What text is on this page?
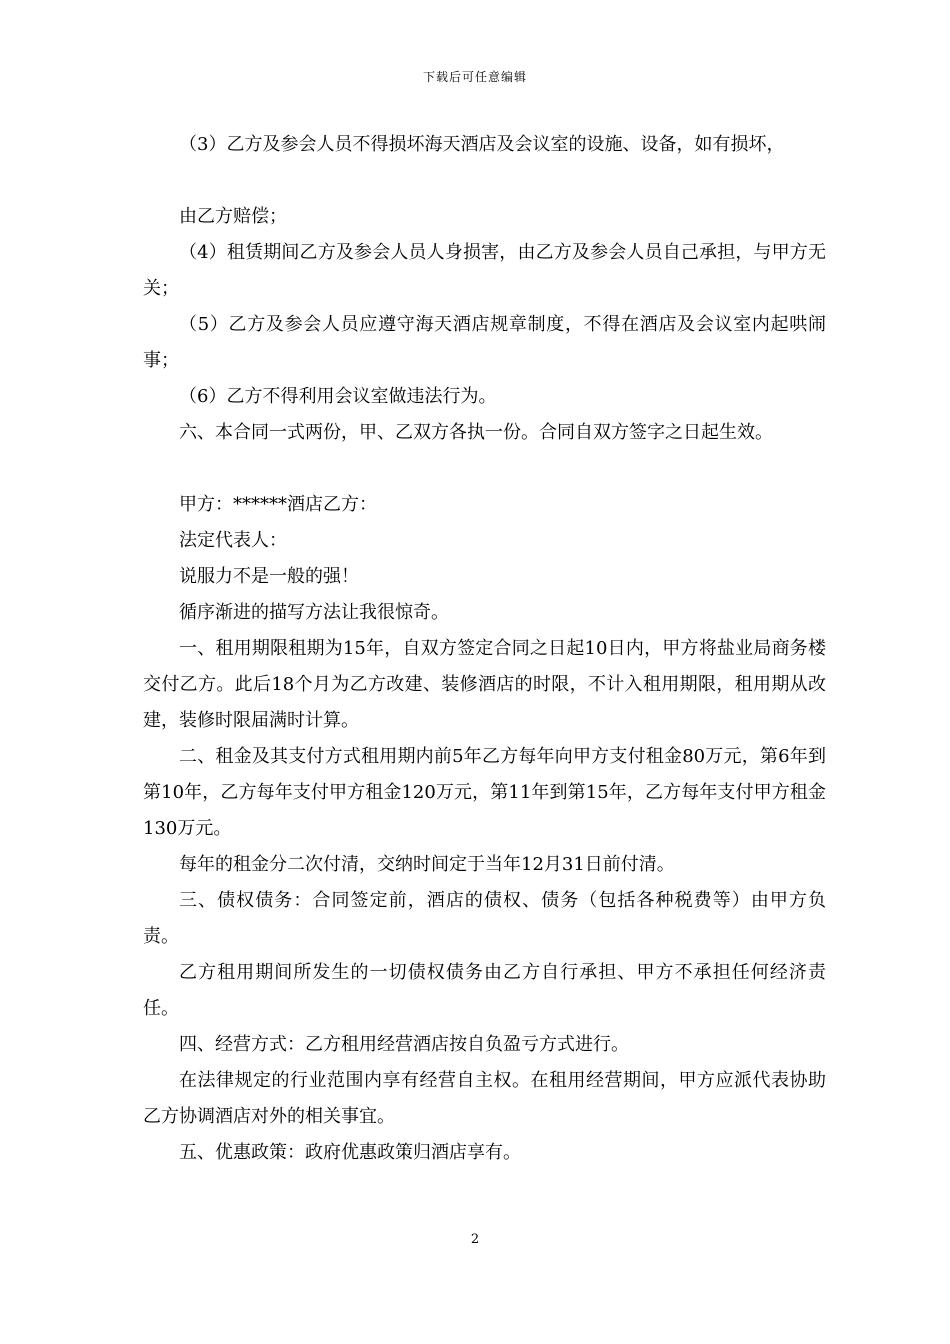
下载后可任意编辑

（3）乙方及参会人员不得损坏海天酒店及会议室的设施、设备，如有损坏，

由乙方赔偿；

（4）租赁期间乙方及参会人员人身损害，由乙方及参会人员自己承担，与甲方无关；

（5）乙方及参会人员应遵守海天酒店规章制度，不得在酒店及会议室内起哄闹事；

（6）乙方不得利用会议室做违法行为。

六、本合同一式两份，甲、乙双方各执一份。合同自双方签字之日起生效。

甲方：******酒店乙方：

法定代表人：

说服力不是一般的强！

循序渐进的描写方法让我很惊奇。

一、租用期限租期为15年，自双方签定合同之日起10日内，甲方将盐业局商务楼交付乙方。此后18个月为乙方改建、装修酒店的时限，不计入租用期限，租用期从改建，装修时限届满时计算。

二、租金及其支付方式租用期内前5年乙方每年向甲方支付租金80万元，第6年到第10年，乙方每年支付甲方租金120万元，第11年到第15年，乙方每年支付甲方租金130万元。

每年的租金分二次付清，交纳时间定于当年12月31日前付清。

三、债权债务：合同签定前，酒店的债权、债务（包括各种税费等）由甲方负责。

乙方租用期间所发生的一切债权债务由乙方自行承担、甲方不承担任何经济责任。

四、经营方式：乙方租用经营酒店按自负盈亏方式进行。

在法律规定的行业范围内享有经营自主权。在租用经营期间，甲方应派代表协助乙方协调酒店对外的相关事宜。

五、优惠政策：政府优惠政策归酒店享有。

2
